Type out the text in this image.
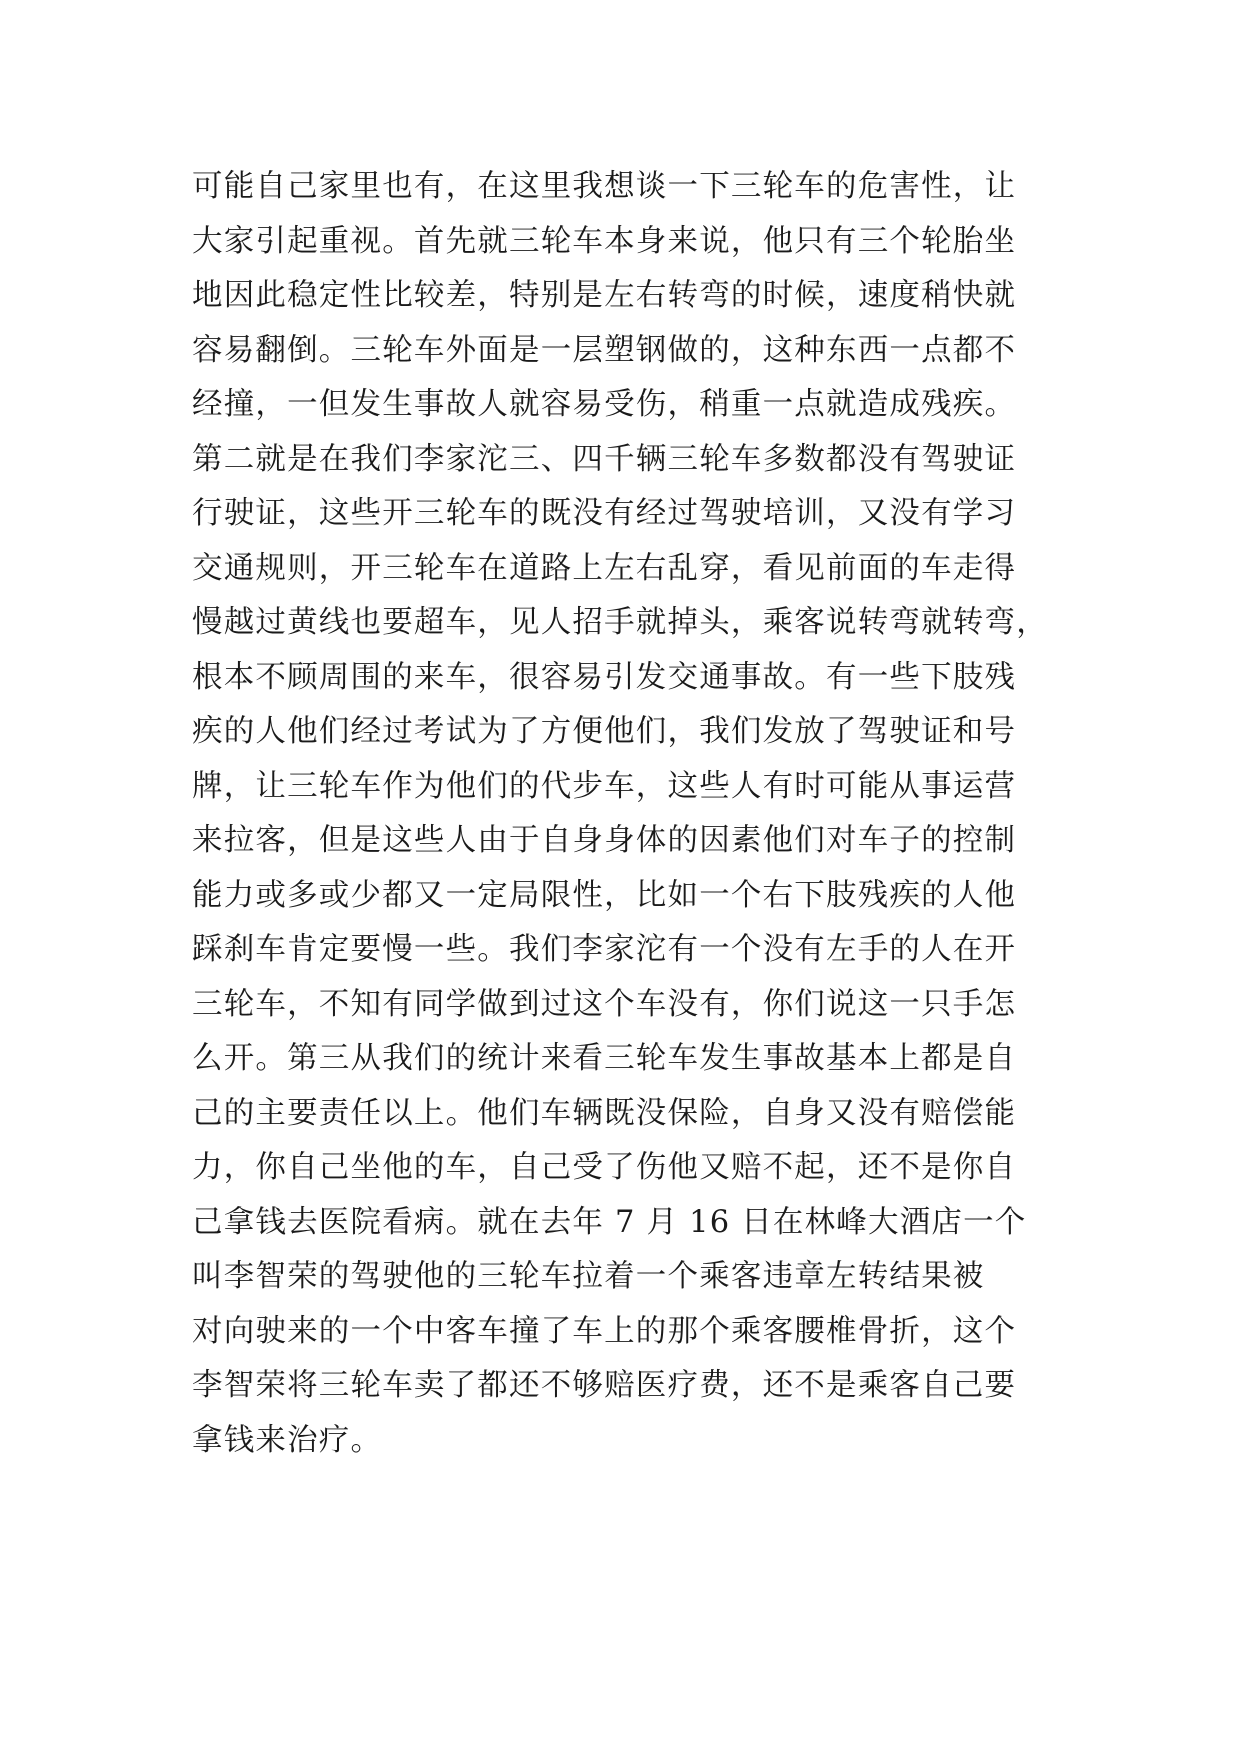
可能自己家里也有，在这里我想谈一下三轮车的危害性，让
大家引起重视。首先就三轮车本身来说，他只有三个轮胎坐
地因此稳定性比较差，特别是左右转弯的时候，速度稍快就
容易翻倒。三轮车外面是一层塑钢做的，这种东西一点都不
经撞，一但发生事故人就容易受伤，稍重一点就造成残疾。
第二就是在我们李家沱三、四千辆三轮车多数都没有驾驶证
行驶证，这些开三轮车的既没有经过驾驶培训，又没有学习
交通规则，开三轮车在道路上左右乱穿，看见前面的车走得
慢越过黄线也要超车，见人招手就掉头，乘客说转弯就转弯，
根本不顾周围的来车，很容易引发交通事故。有一些下肢残
疾的人他们经过考试为了方便他们，我们发放了驾驶证和号
牌，让三轮车作为他们的代步车，这些人有时可能从事运营
来拉客，但是这些人由于自身身体的因素他们对车子的控制
能力或多或少都又一定局限性，比如一个右下肢残疾的人他
踩刹车肯定要慢一些。我们李家沱有一个没有左手的人在开
三轮车，不知有同学做到过这个车没有，你们说这一只手怎
么开。第三从我们的统计来看三轮车发生事故基本上都是自
己的主要责任以上。他们车辆既没保险，自身又没有赔偿能
力，你自己坐他的车，自己受了伤他又赔不起，还不是你自
己拿钱去医院看病。就在去年 7 月 16 日在林峰大酒店一个
叫李智荣的驾驶他的三轮车拉着一个乘客违章左转结果被
对向驶来的一个中客车撞了车上的那个乘客腰椎骨折，这个
李智荣将三轮车卖了都还不够赔医疗费，还不是乘客自己要
拿钱来治疗。
